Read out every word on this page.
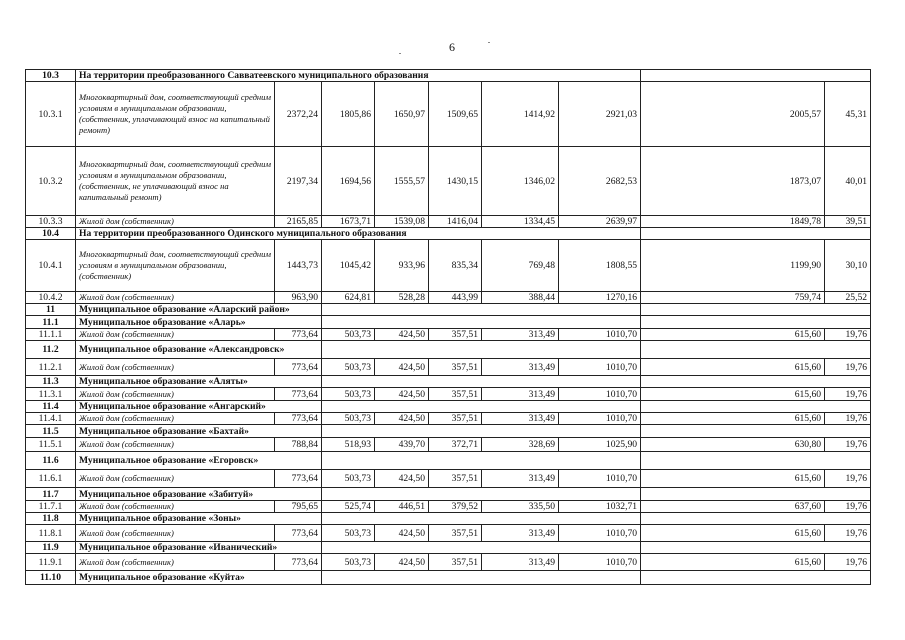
6
10.3	На территории преобразованного Савватеевского муниципального образования								
10.3.1	Многоквартирный дом, соответствующий средним условиям в муниципальном образовании, (собственник, уплачивающий взнос на капитальный ремонт)	2372,24	1805,86	1650,97	1509,65	1414,92	2921,03	2005,57	45,31
10.3.2	Многоквартирный дом, соответствующий средним условиям в муниципальном образовании, (собственник, не уплачивающий взнос на капитальный ремонт)	2197,34	1694,56	1555,57	1430,15	1346,02	2682,53	1873,07	40,01
10.3.3	Жилой дом (собственник)	2165,85	1673,71	1539,08	1416,04	1334,45	2639,97	1849,78	39,51
10.4	На территории преобразованного Одинского муниципального образования								
10.4.1	Многоквартирный дом, соответствующий средним условиям в муниципальном образовании, (собственник)	1443,73	1045,42	933,96	835,34	769,48	1808,55	1199,90	30,10
10.4.2	Жилой дом (собственник)	963,90	624,81	528,28	443,99	388,44	1270,16	759,74	25,52
11	Муниципальное образование «Аларский район»								
11.1	Муниципальное образование «Аларь»								
11.1.1	Жилой дом (собственник)	773,64	503,73	424,50	357,51	313,49	1010,70	615,60	19,76
11.2	Муниципальное образование «Александровск»								
11.2.1	Жилой дом (собственник)	773,64	503,73	424,50	357,51	313,49	1010,70	615,60	19,76
11.3	Муниципальное образование «Аляты»								
11.3.1	Жилой дом (собственник)	773,64	503,73	424,50	357,51	313,49	1010,70	615,60	19,76
11.4	Муниципальное образование «Ангарский»								
11.4.1	Жилой дом (собственник)	773,64	503,73	424,50	357,51	313,49	1010,70	615,60	19,76
11.5	Муниципальное образование «Бахтай»								
11.5.1	Жилой дом (собственник)	788,84	518,93	439,70	372,71	328,69	1025,90	630,80	19,76
11.6	Муниципальное образование «Егоровск»								
11.6.1	Жилой дом (собственник)	773,64	503,73	424,50	357,51	313,49	1010,70	615,60	19,76
11.7	Муниципальное образование «Забитуй»								
11.7.1	Жилой дом (собственник)	795,65	525,74	446,51	379,52	335,50	1032,71	637,60	19,76
11.8	Муниципальное образование «Зоны»								
11.8.1	Жилой дом (собственник)	773,64	503,73	424,50	357,51	313,49	1010,70	615,60	19,76
11.9	Муниципальное образование «Иванический»								
11.9.1	Жилой дом (собственник)	773,64	503,73	424,50	357,51	313,49	1010,70	615,60	19,76
11.10	Муниципальное образование «Куйта»								
